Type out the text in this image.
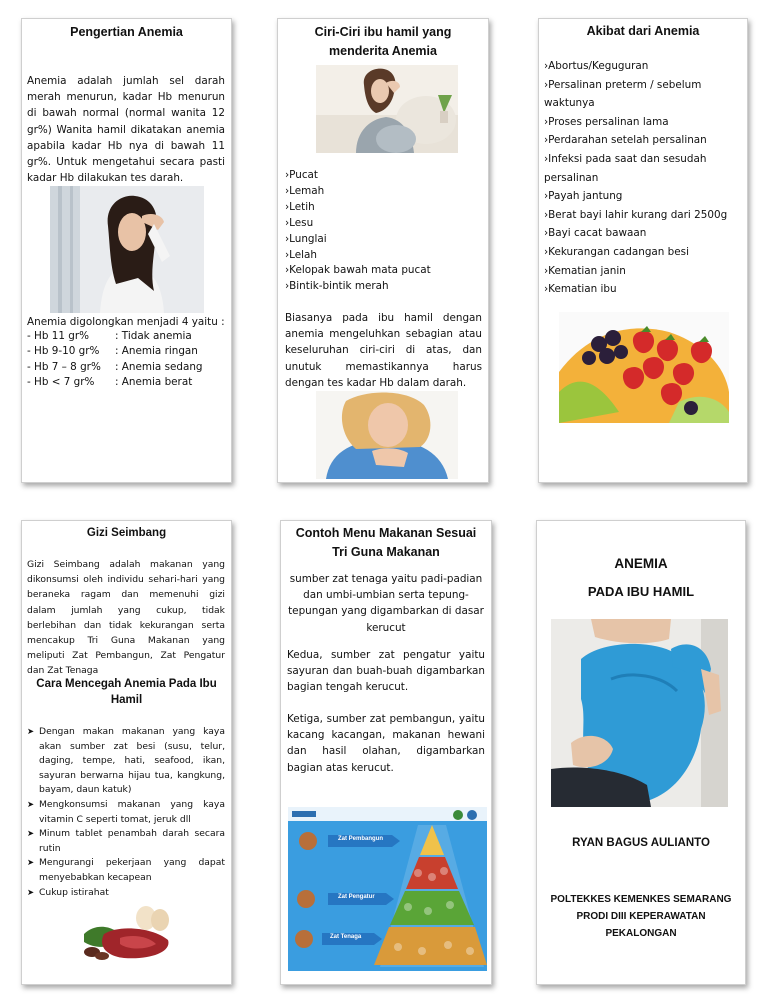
Pengertian Anemia
Anemia adalah jumlah sel darah merah menurun, kadar Hb menurun di bawah normal (normal wanita 12 gr%) Wanita hamil dikatakan anemia apabila kadar Hb nya di bawah 11 gr%. Untuk mengetahui secara pasti kadar Hb dilakukan tes darah.
Anemia digolongkan menjadi 4 yaitu :
- Hb 11 gr%	: Tidak anemia
- Hb 9-10 gr%	: Anemia ringan
- Hb 7 – 8 gr%	: Anemia sedang
- Hb < 7 gr%	: Anemia berat
Ciri-Ciri ibu hamil yang
menderita Anemia
›Pucat
›Lemah
›Letih
›Lesu
›Lunglai
›Lelah
›Kelopak bawah mata pucat
›Bintik-bintik merah
Biasanya pada ibu hamil dengan anemia mengeluhkan sebagian atau keseluruhan ciri-ciri di atas, dan unutuk memastikannya harus dengan tes kadar Hb dalam darah.
Akibat dari Anemia
›Abortus/Keguguran
›Persalinan preterm / sebelum waktunya
›Proses persalinan lama
›Perdarahan setelah persalinan
›Infeksi pada saat dan sesudah persalinan
›Payah jantung
›Berat bayi lahir kurang dari 2500g
›Bayi cacat bawaan
›Kekurangan cadangan besi
›Kematian janin
›Kematian ibu
Gizi Seimbang
Gizi Seimbang adalah makanan yang dikonsumsi oleh individu sehari-hari yang beraneka ragam dan memenuhi gizi dalam jumlah yang cukup, tidak berlebihan dan tidak kekurangan serta mencakup Tri Guna Makanan yang meliputi Zat Pembangun, Zat Pengatur dan Zat Tenaga
Cara Mencegah Anemia Pada Ibu
Hamil
➤ Dengan makan makanan yang kaya akan sumber zat besi (susu, telur, daging, tempe, hati, seafood, ikan, sayuran berwarna hijau tua, kangkung, bayam, daun katuk)
➤ Mengkonsumsi makanan yang kaya vitamin C seperti tomat, jeruk dll
➤ Minum tablet penambah darah secara rutin
➤ Mengurangi pekerjaan yang dapat menyebabkan kecapean
➤ Cukup istirahat
Contoh Menu Makanan Sesuai
Tri Guna Makanan
sumber zat tenaga yaitu padi-padian dan umbi-umbian serta tepung-tepungan yang digambarkan di dasar kerucut
Kedua, sumber zat pengatur yaitu sayuran dan buah-buah digambarkan bagian tengah kerucut.
Ketiga, sumber zat pembangun, yaitu kacang kacangan, makanan hewani dan hasil olahan, digambarkan bagian atas kerucut.
Zat Pembangun
Zat Pengatur
Zat Tenaga
ANEMIA
PADA IBU HAMIL
RYAN BAGUS AULIANTO
POLTEKKES KEMENKES SEMARANG
PRODI DIII KEPERAWATAN
PEKALONGAN
